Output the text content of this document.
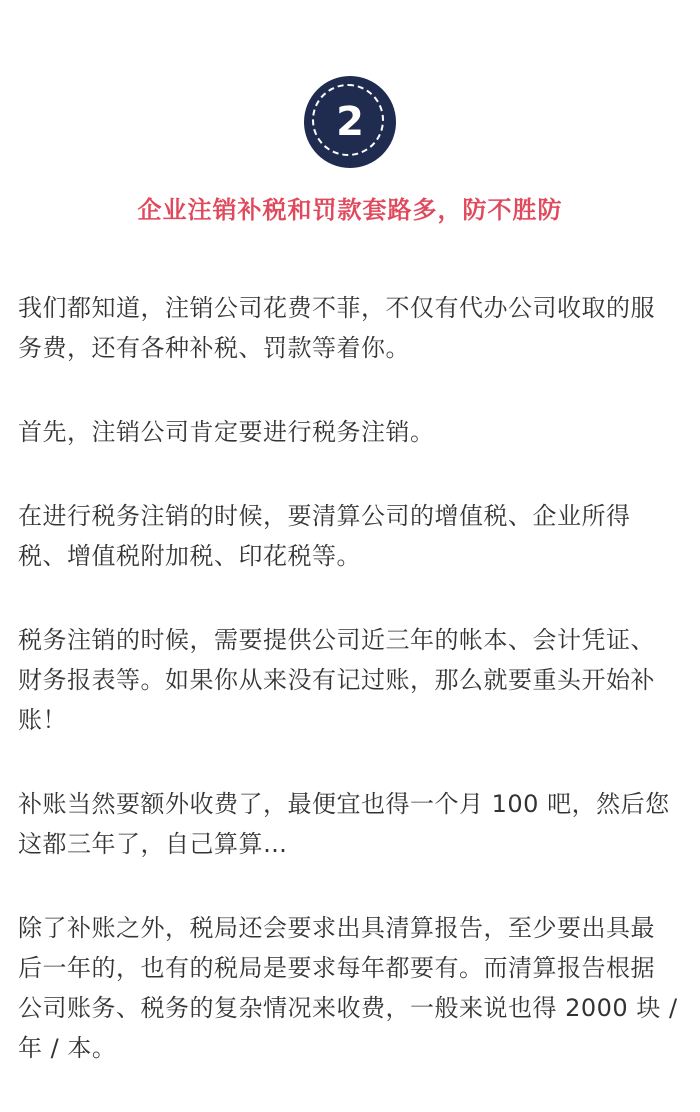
2
企业注销补税和罚款套路多，防不胜防

我们都知道，注销公司花费不菲，不仅有代办公司收取的服务费，还有各种补税、罚款等着你。

首先，注销公司肯定要进行税务注销。

在进行税务注销的时候，要清算公司的增值税、企业所得税、增值税附加税、印花税等。

税务注销的时候，需要提供公司近三年的帐本、会计凭证、财务报表等。如果你从来没有记过账，那么就要重头开始补账！

补账当然要额外收费了，最便宜也得一个月 100 吧，然后您这都三年了，自己算算…

除了补账之外，税局还会要求出具清算报告，至少要出具最后一年的，也有的税局是要求每年都要有。而清算报告根据公司账务、税务的复杂情况来收费，一般来说也得 2000 块 / 年 / 本。
